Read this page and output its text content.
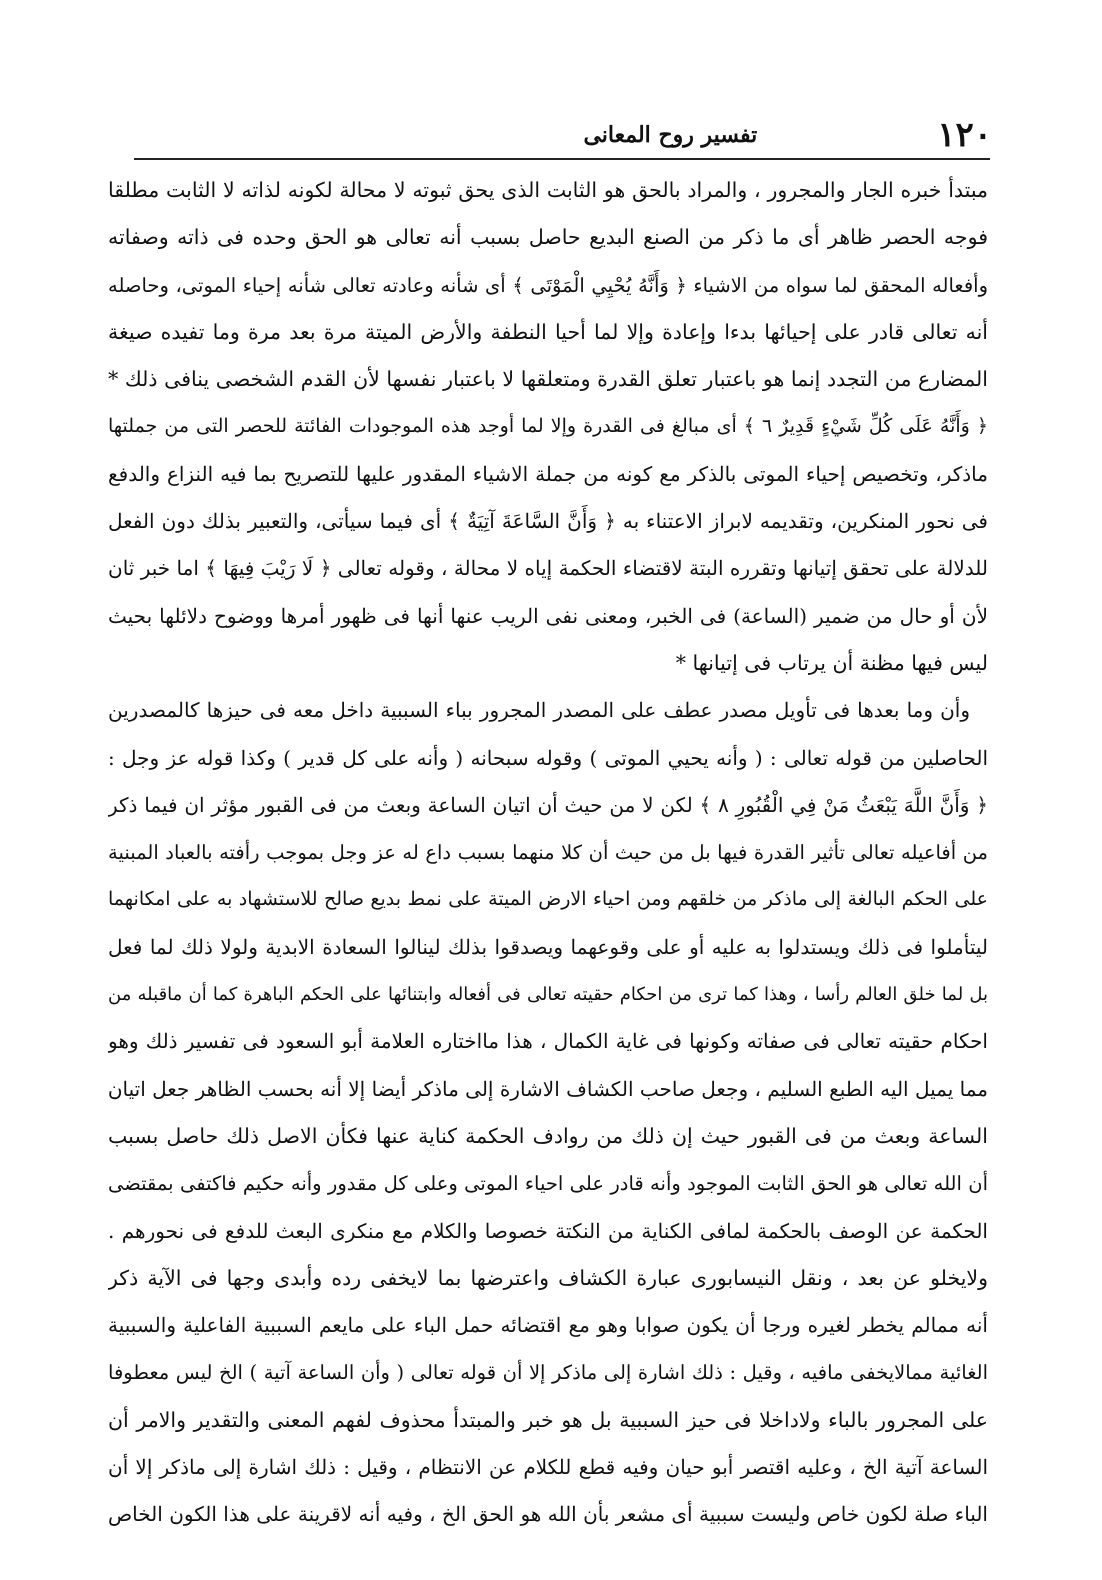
١٢٠
تفسير روح المعانى
مبتدأ خبره الجار والمجرور ، والمراد بالحق هو الثابت الذى يحق ثبوته لا محالة لكونه لذاته لا الثابت مطلقا
فوجه الحصر ظاهر أى ما ذكر من الصنع البديع حاصل بسبب أنه تعالى هو الحق وحده فى ذاته وصفاته
وأفعاله المحقق لما سواه من الاشياء ﴿ وَأَنَّهُ يُحْيِي الْمَوْتَى ﴾ أى شأنه وعادته تعالى شأنه إحياء الموتى، وحاصله
أنه تعالى قادر على إحيائها بدءا وإعادة وإلا لما أحيا النطفة والأرض الميتة مرة بعد مرة وما تفيده صيغة
المضارع من التجدد إنما هو باعتبار تعلق القدرة ومتعلقها لا باعتبار نفسها لأن القدم الشخصى ينافى ذلك *
﴿ وَأَنَّهُ عَلَى كُلِّ شَيْءٍ قَدِيرٌ ٦ ﴾ أى مبالغ فى القدرة وإلا لما أوجد هذه الموجودات الفائتة للحصر التى من جملتها
ماذكر، وتخصيص إحياء الموتى بالذكر مع كونه من جملة الاشياء المقدور عليها للتصريح بما فيه النزاع والدفع
فى نحور المنكرين، وتقديمه لابراز الاعتناء به ﴿ وَأَنَّ السَّاعَةَ آتِيَةٌ ﴾ أى فيما سيأتى، والتعبير بذلك دون الفعل
للدلالة على تحقق إتيانها وتقرره البتة لاقتضاء الحكمة إياه لا محالة ، وقوله تعالى ﴿ لَا رَيْبَ فِيهَا ﴾ اما خبر ثان
لأن أو حال من ضمير (الساعة) فى الخبر، ومعنى نفى الريب عنها أنها فى ظهور أمرها ووضوح دلائلها بحيث
ليس فيها مظنة أن يرتاب فى إتيانها *
وأن وما بعدها فى تأويل مصدر عطف على المصدر المجرور بباء السببية داخل معه فى حيزها كالمصدرين
الحاصلين من قوله تعالى : ( وأنه يحيي الموتى ) وقوله سبحانه ( وأنه على كل قدير ) وكذا قوله عز وجل :
﴿ وَأَنَّ اللَّهَ يَبْعَثُ مَنْ فِي الْقُبُورِ ٨ ﴾ لكن لا من حيث أن اتيان الساعة وبعث من فى القبور مؤثر ان فيما ذكر
من أفاعيله تعالى تأثير القدرة فيها بل من حيث أن كلا منهما بسبب داع له عز وجل بموجب رأفته بالعباد المبنية
على الحكم البالغة إلى ماذكر من خلقهم ومن احياء الارض الميتة على نمط بديع صالح للاستشهاد به على امكانهما
ليتأملوا فى ذلك ويستدلوا به عليه أو على وقوعهما ويصدقوا بذلك لينالوا السعادة الابدية ولولا ذلك لما فعل
بل لما خلق العالم رأسا ، وهذا كما ترى من احكام حقيته تعالى فى أفعاله وابتنائها على الحكم الباهرة كما أن ماقبله من
احكام حقيته تعالى فى صفاته وكونها فى غاية الكمال ، هذا مااختاره العلامة أبو السعود فى تفسير ذلك وهو
مما يميل اليه الطبع السليم ، وجعل صاحب الكشاف الاشارة إلى ماذكر أيضا إلا أنه بحسب الظاهر جعل اتيان
الساعة وبعث من فى القبور حيث إن ذلك من روادف الحكمة كناية عنها فكأن الاصل ذلك حاصل بسبب
أن الله تعالى هو الحق الثابت الموجود وأنه قادر على احياء الموتى وعلى كل مقدور وأنه حكيم فاكتفى بمقتضى
الحكمة عن الوصف بالحكمة لمافى الكناية من النكتة خصوصا والكلام مع منكرى البعث للدفع فى نحورهم .
ولايخلو عن بعد ، ونقل النيسابورى عبارة الكشاف واعترضها بما لايخفى رده وأبدى وجها فى الآية ذكر
أنه ممالم يخطر لغيره ورجا أن يكون صوابا وهو مع اقتضائه حمل الباء على مايعم السببية الفاعلية والسببية
الغائية ممالايخفى مافيه ، وقيل : ذلك اشارة إلى ماذكر إلا أن قوله تعالى ( وأن الساعة آتية ) الخ ليس معطوفا
على المجرور بالباء ولاداخلا فى حيز السببية بل هو خبر والمبتدأ محذوف لفهم المعنى والتقدير والامر أن
الساعة آتية الخ ، وعليه اقتصر أبو حيان وفيه قطع للكلام عن الانتظام ، وقيل : ذلك اشارة إلى ماذكر إلا أن
الباء صلة لكون خاص وليست سببية أى مشعر بأن الله هو الحق الخ ، وفيه أنه لاقرينة على هذا الكون الخاص
